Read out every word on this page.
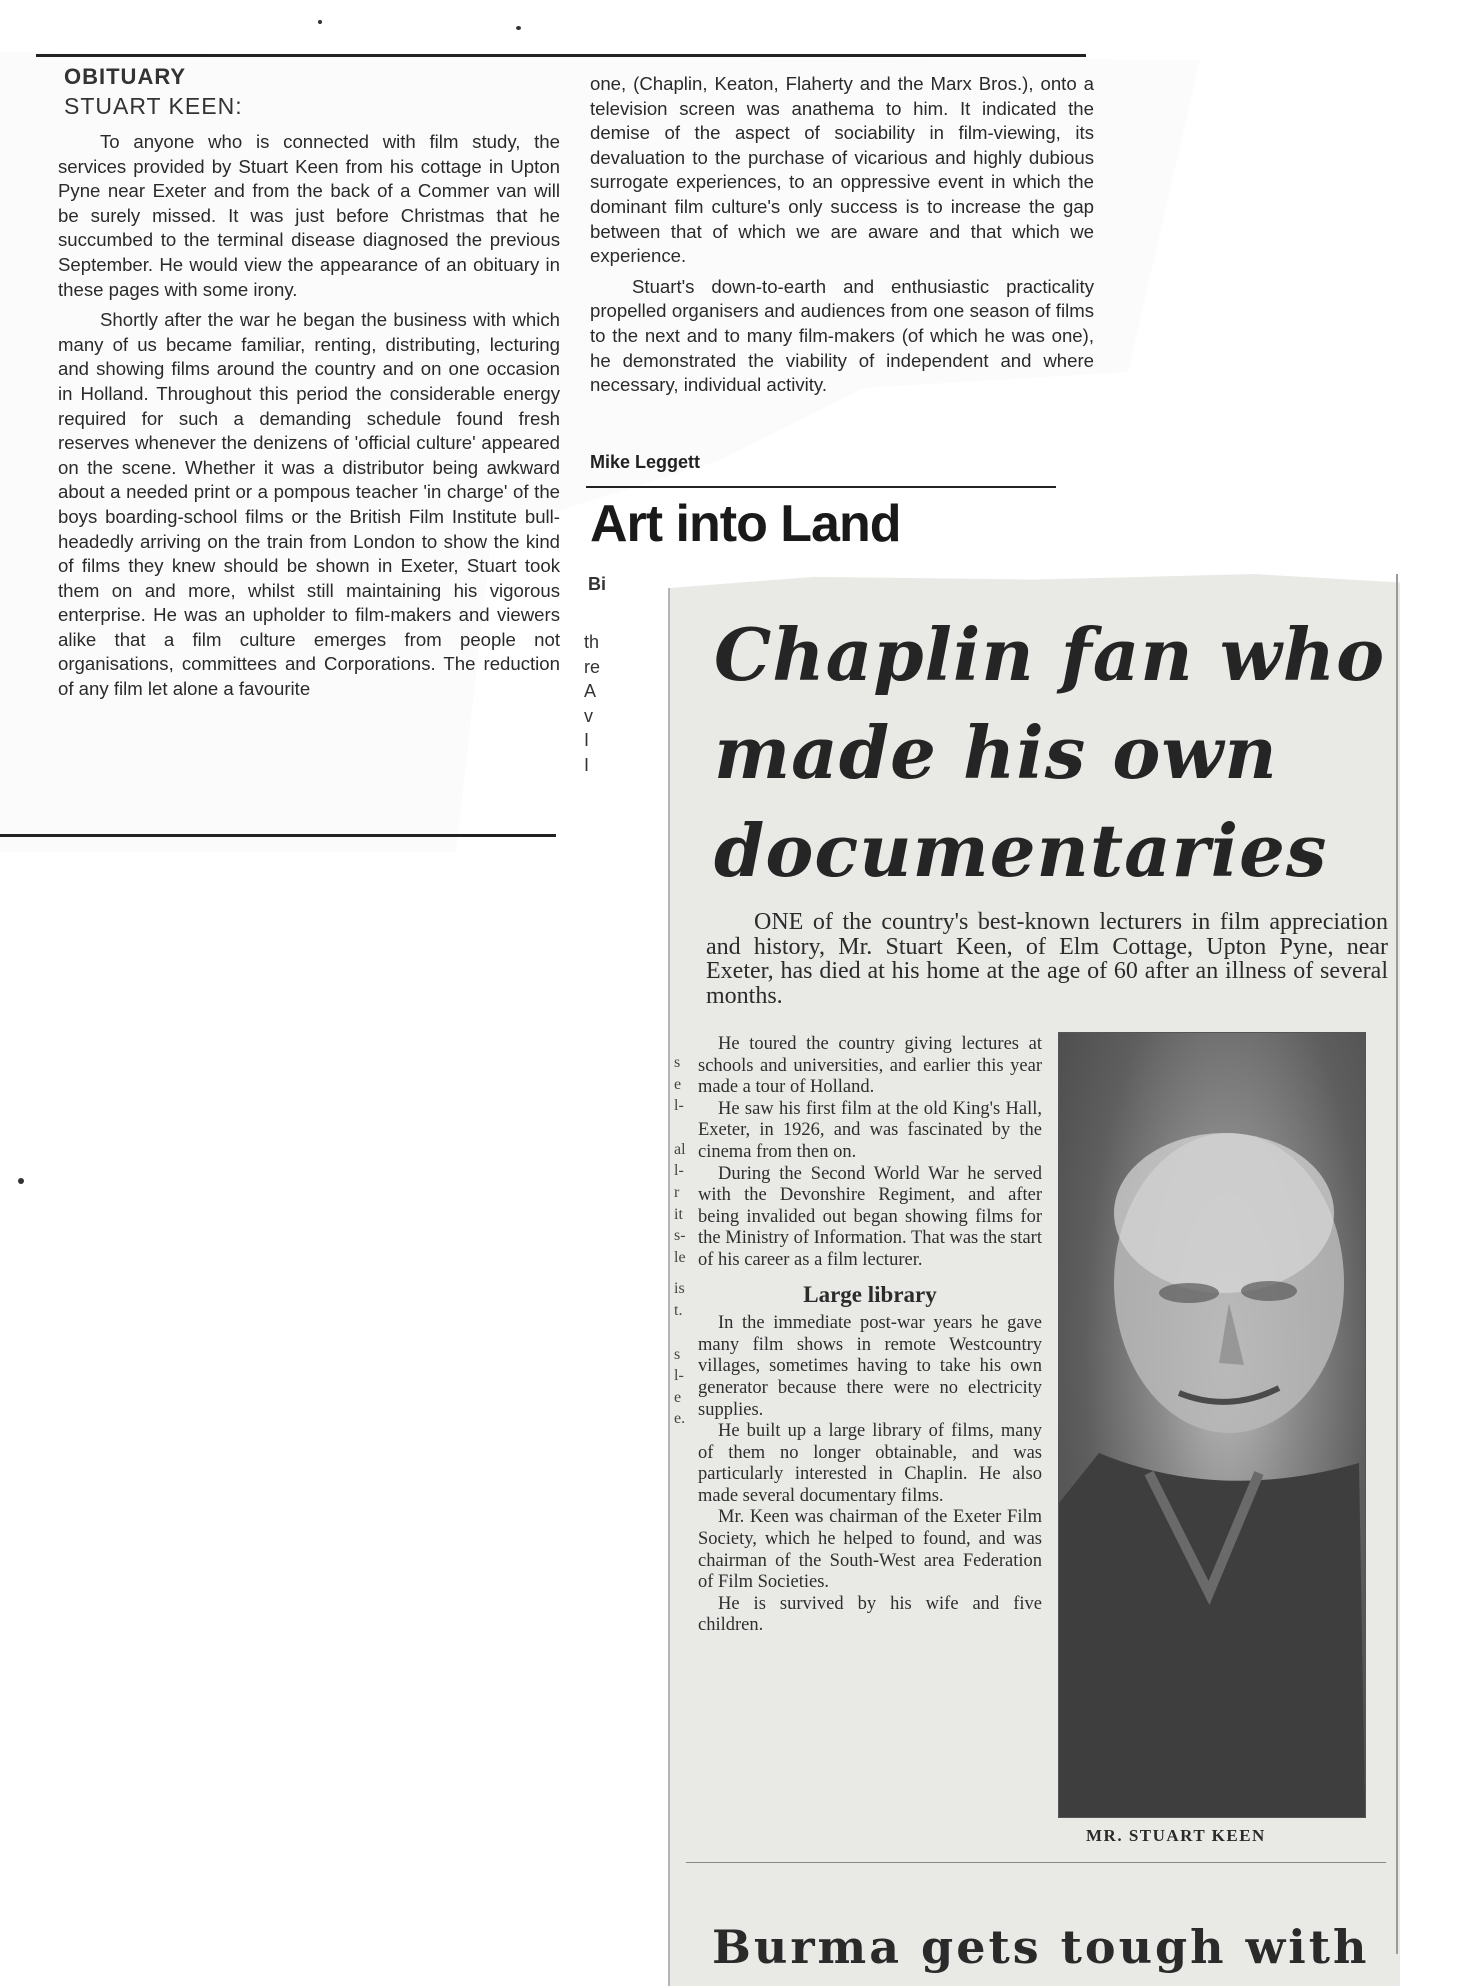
OBITUARY
STUART KEEN:

To anyone who is connected with film study, the services provided by Stuart Keen from his cottage in Upton Pyne near Exeter and from the back of a Commer van will be surely missed. It was just before Christmas that he succumbed to the terminal disease diagnosed the previous September. He would view the appearance of an obituary in these pages with some irony.

Shortly after the war he began the business with which many of us became familiar, renting, distributing, lecturing and showing films around the country and on one occasion in Holland. Throughout this period the considerable energy required for such a demanding schedule found fresh reserves whenever the denizens of 'official culture' appeared on the scene. Whether it was a distributor being awkward about a needed print or a pompous teacher 'in charge' of the boys boarding-school films or the British Film Institute bull-headedly arriving on the train from London to show the kind of films they knew should be shown in Exeter, Stuart took them on and more, whilst still maintaining his vigorous enterprise. He was an upholder to film-makers and viewers alike that a film culture emerges from people not organisations, committees and Corporations. The reduction of any film let alone a favourite

one, (Chaplin, Keaton, Flaherty and the Marx Bros.), onto a television screen was anathema to him. It indicated the demise of the aspect of sociability in film-viewing, its devaluation to the purchase of vicarious and highly dubious surrogate experiences, to an oppressive event in which the dominant film culture's only success is to increase the gap between that of which we are aware and that which we experience.

Stuart's down-to-earth and enthusiastic practicality propelled organisers and audiences from one season of films to the next and to many film-makers (of which he was one), he demonstrated the viability of independent and where necessary, individual activity.

Mike Leggett
Art into Land
Bi
th
re
A
v
I
I
Chaplin fan who
made his own
documentaries
ONE of the country's best-known lecturers in film appreciation and history, Mr. Stuart Keen, of Elm Cottage, Upton Pyne, near Exeter, has died at his home at the age of 60 after an illness of several months.
s
e
l-
al
l-
r
it
s-
le
is
t.
s
l-
e
e.

He toured the country giving lectures at schools and universities, and earlier this year made a tour of Holland.

He saw his first film at the old King's Hall, Exeter, in 1926, and was fascinated by the cinema from then on.

During the Second World War he served with the Devonshire Regiment, and after being invalided out began showing films for the Ministry of Information. That was the start of his career as a film lecturer.

Large library

In the immediate post-war years he gave many film shows in remote Westcountry villages, sometimes having to take his own generator because there were no electricity supplies.

He built up a large library of films, many of them no longer obtainable, and was particularly interested in Chaplin. He also made several documentary films.

Mr. Keen was chairman of the Exeter Film Society, which he helped to found, and was chairman of the South-West area Federation of Film Societies.

He is survived by his wife and five children.

MR. STUART KEEN
Burma gets tough with
